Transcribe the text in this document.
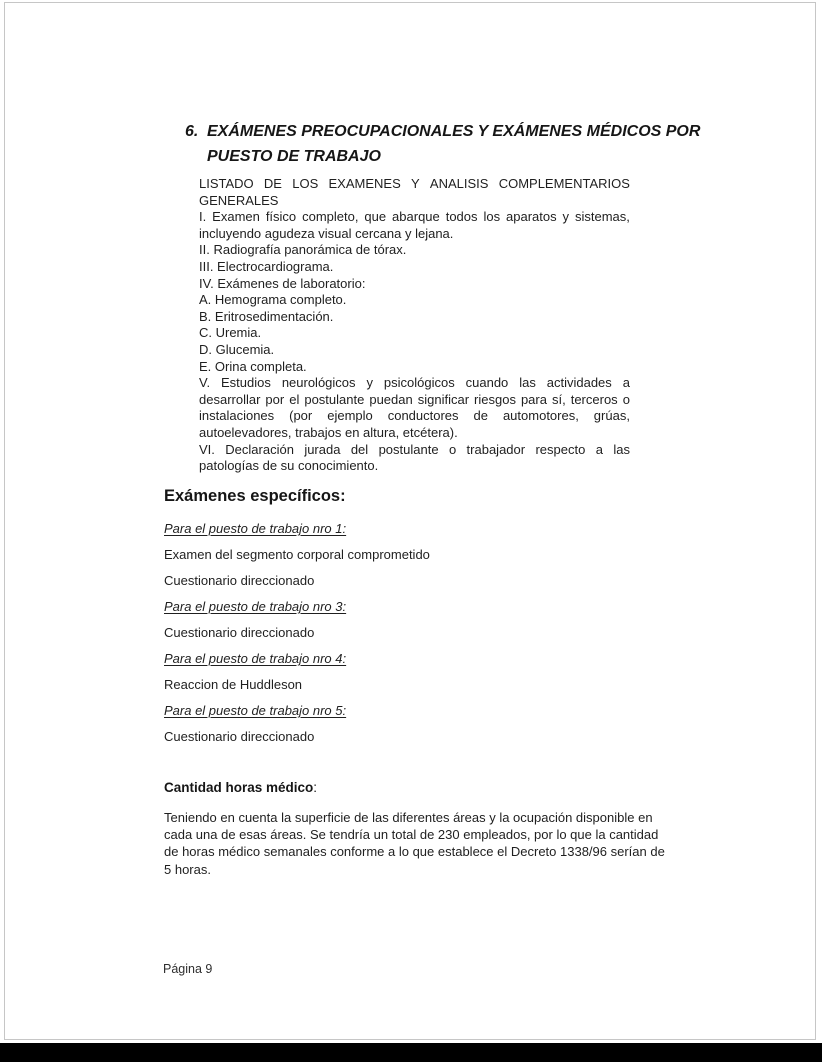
6. EXÁMENES PREOCUPACIONALES Y EXÁMENES MÉDICOS POR PUESTO DE TRABAJO
LISTADO DE LOS EXAMENES Y ANALISIS COMPLEMENTARIOS
GENERALES
I. Examen físico completo, que abarque todos los aparatos y sistemas,
incluyendo agudeza visual cercana y lejana.
II. Radiografía panorámica de tórax.
III. Electrocardiograma.
IV. Exámenes de laboratorio:
A. Hemograma completo.
B. Eritrosedimentación.
C. Uremia.
D. Glucemia.
E. Orina completa.
V. Estudios neurológicos y psicológicos cuando las actividades a
desarrollar por el postulante puedan significar riesgos para sí, terceros o
instalaciones (por ejemplo conductores de automotores, grúas,
autoelevadores, trabajos en altura, etcétera).
VI. Declaración jurada del postulante o trabajador respecto a las
patologías de su conocimiento.
Exámenes específicos:
Para el puesto de trabajo nro 1:
Examen del segmento corporal comprometido
Cuestionario direccionado
Para el puesto de trabajo nro 3:
Cuestionario direccionado
Para el puesto de trabajo nro 4:
Reaccion de Huddleson
Para el puesto de trabajo nro 5:
Cuestionario direccionado
Cantidad horas médico:
Teniendo en cuenta la superficie de las diferentes áreas y la ocupación disponible en cada una de esas áreas. Se tendría un total de 230 empleados, por lo que la cantidad de horas médico semanales conforme a lo que establece el Decreto 1338/96 serían de 5 horas.
Página 9
